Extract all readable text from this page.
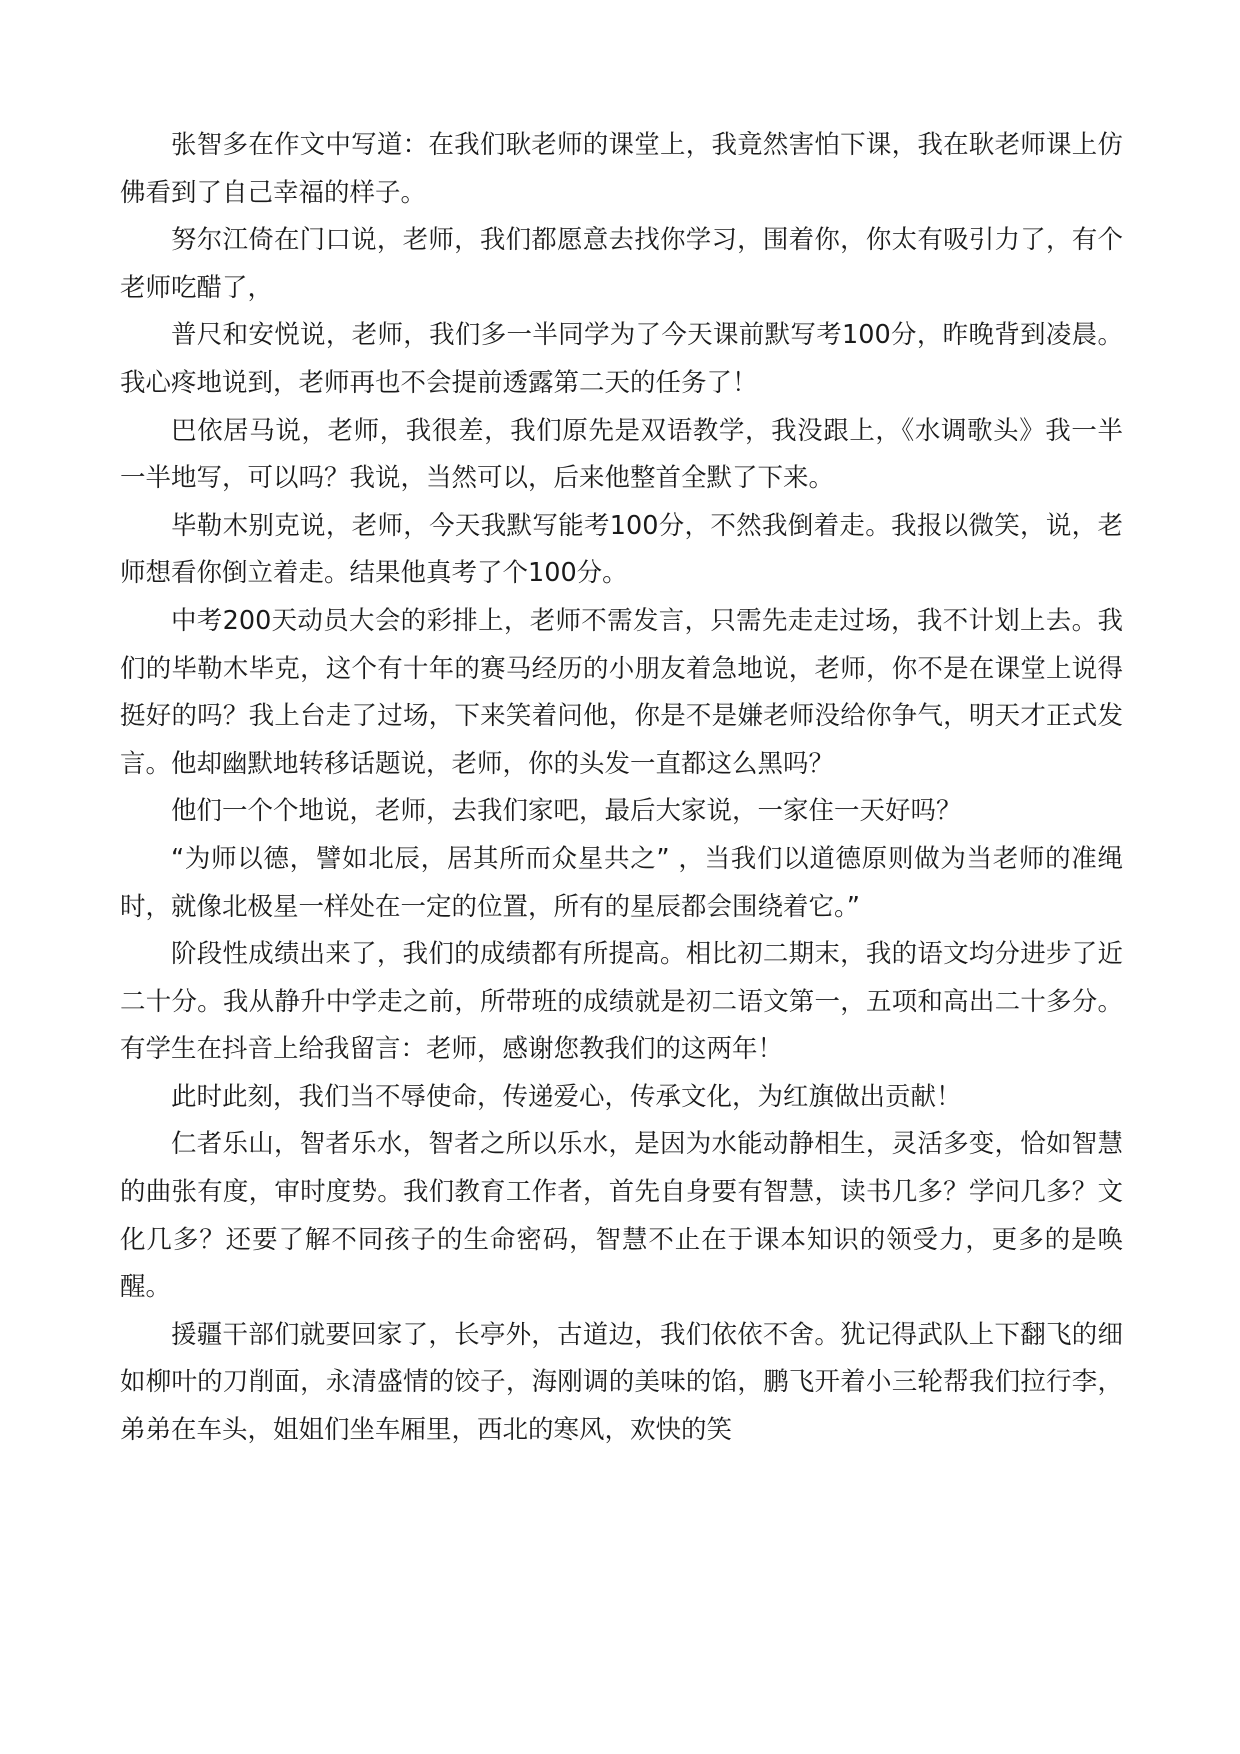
张智多在作文中写道：在我们耿老师的课堂上，我竟然害怕下课，我在耿老师课上仿佛看到了自己幸福的样子。

努尔江倚在门口说，老师，我们都愿意去找你学习，围着你，你太有吸引力了，有个老师吃醋了，

普尺和安悦说，老师，我们多一半同学为了今天课前默写考100分，昨晚背到凌晨。我心疼地说到，老师再也不会提前透露第二天的任务了！

巴依居马说，老师，我很差，我们原先是双语教学，我没跟上，《水调歌头》我一半一半地写，可以吗？我说，当然可以，后来他整首全默了下来。

毕勒木别克说，老师，今天我默写能考100分，不然我倒着走。我报以微笑，说，老师想看你倒立着走。结果他真考了个100分。

中考200天动员大会的彩排上，老师不需发言，只需先走走过场，我不计划上去。我们的毕勒木毕克，这个有十年的赛马经历的小朋友着急地说，老师，你不是在课堂上说得挺好的吗？我上台走了过场，下来笑着问他，你是不是嫌老师没给你争气，明天才正式发言。他却幽默地转移话题说，老师，你的头发一直都这么黑吗？

他们一个个地说，老师，去我们家吧，最后大家说，一家住一天好吗？

“为师以德，譬如北辰，居其所而众星共之” ，当我们以道德原则做为当老师的准绳时，就像北极星一样处在一定的位置，所有的星辰都会围绕着它。”

阶段性成绩出来了，我们的成绩都有所提高。相比初二期末，我的语文均分进步了近二十分。我从静升中学走之前，所带班的成绩就是初二语文第一，五项和高出二十多分。有学生在抖音上给我留言：老师，感谢您教我们的这两年！

此时此刻，我们当不辱使命，传递爱心，传承文化，为红旗做出贡献！

仁者乐山，智者乐水，智者之所以乐水，是因为水能动静相生，灵活多变，恰如智慧的曲张有度，审时度势。我们教育工作者，首先自身要有智慧，读书几多？学问几多？文化几多？还要了解不同孩子的生命密码，智慧不止在于课本知识的领受力，更多的是唤醒。

援疆干部们就要回家了，长亭外，古道边，我们依依不舍。犹记得武队上下翻飞的细如柳叶的刀削面，永清盛情的饺子，海刚调的美味的馅，鹏飞开着小三轮帮我们拉行李，弟弟在车头，姐姐们坐车厢里，西北的寒风，欢快的笑
